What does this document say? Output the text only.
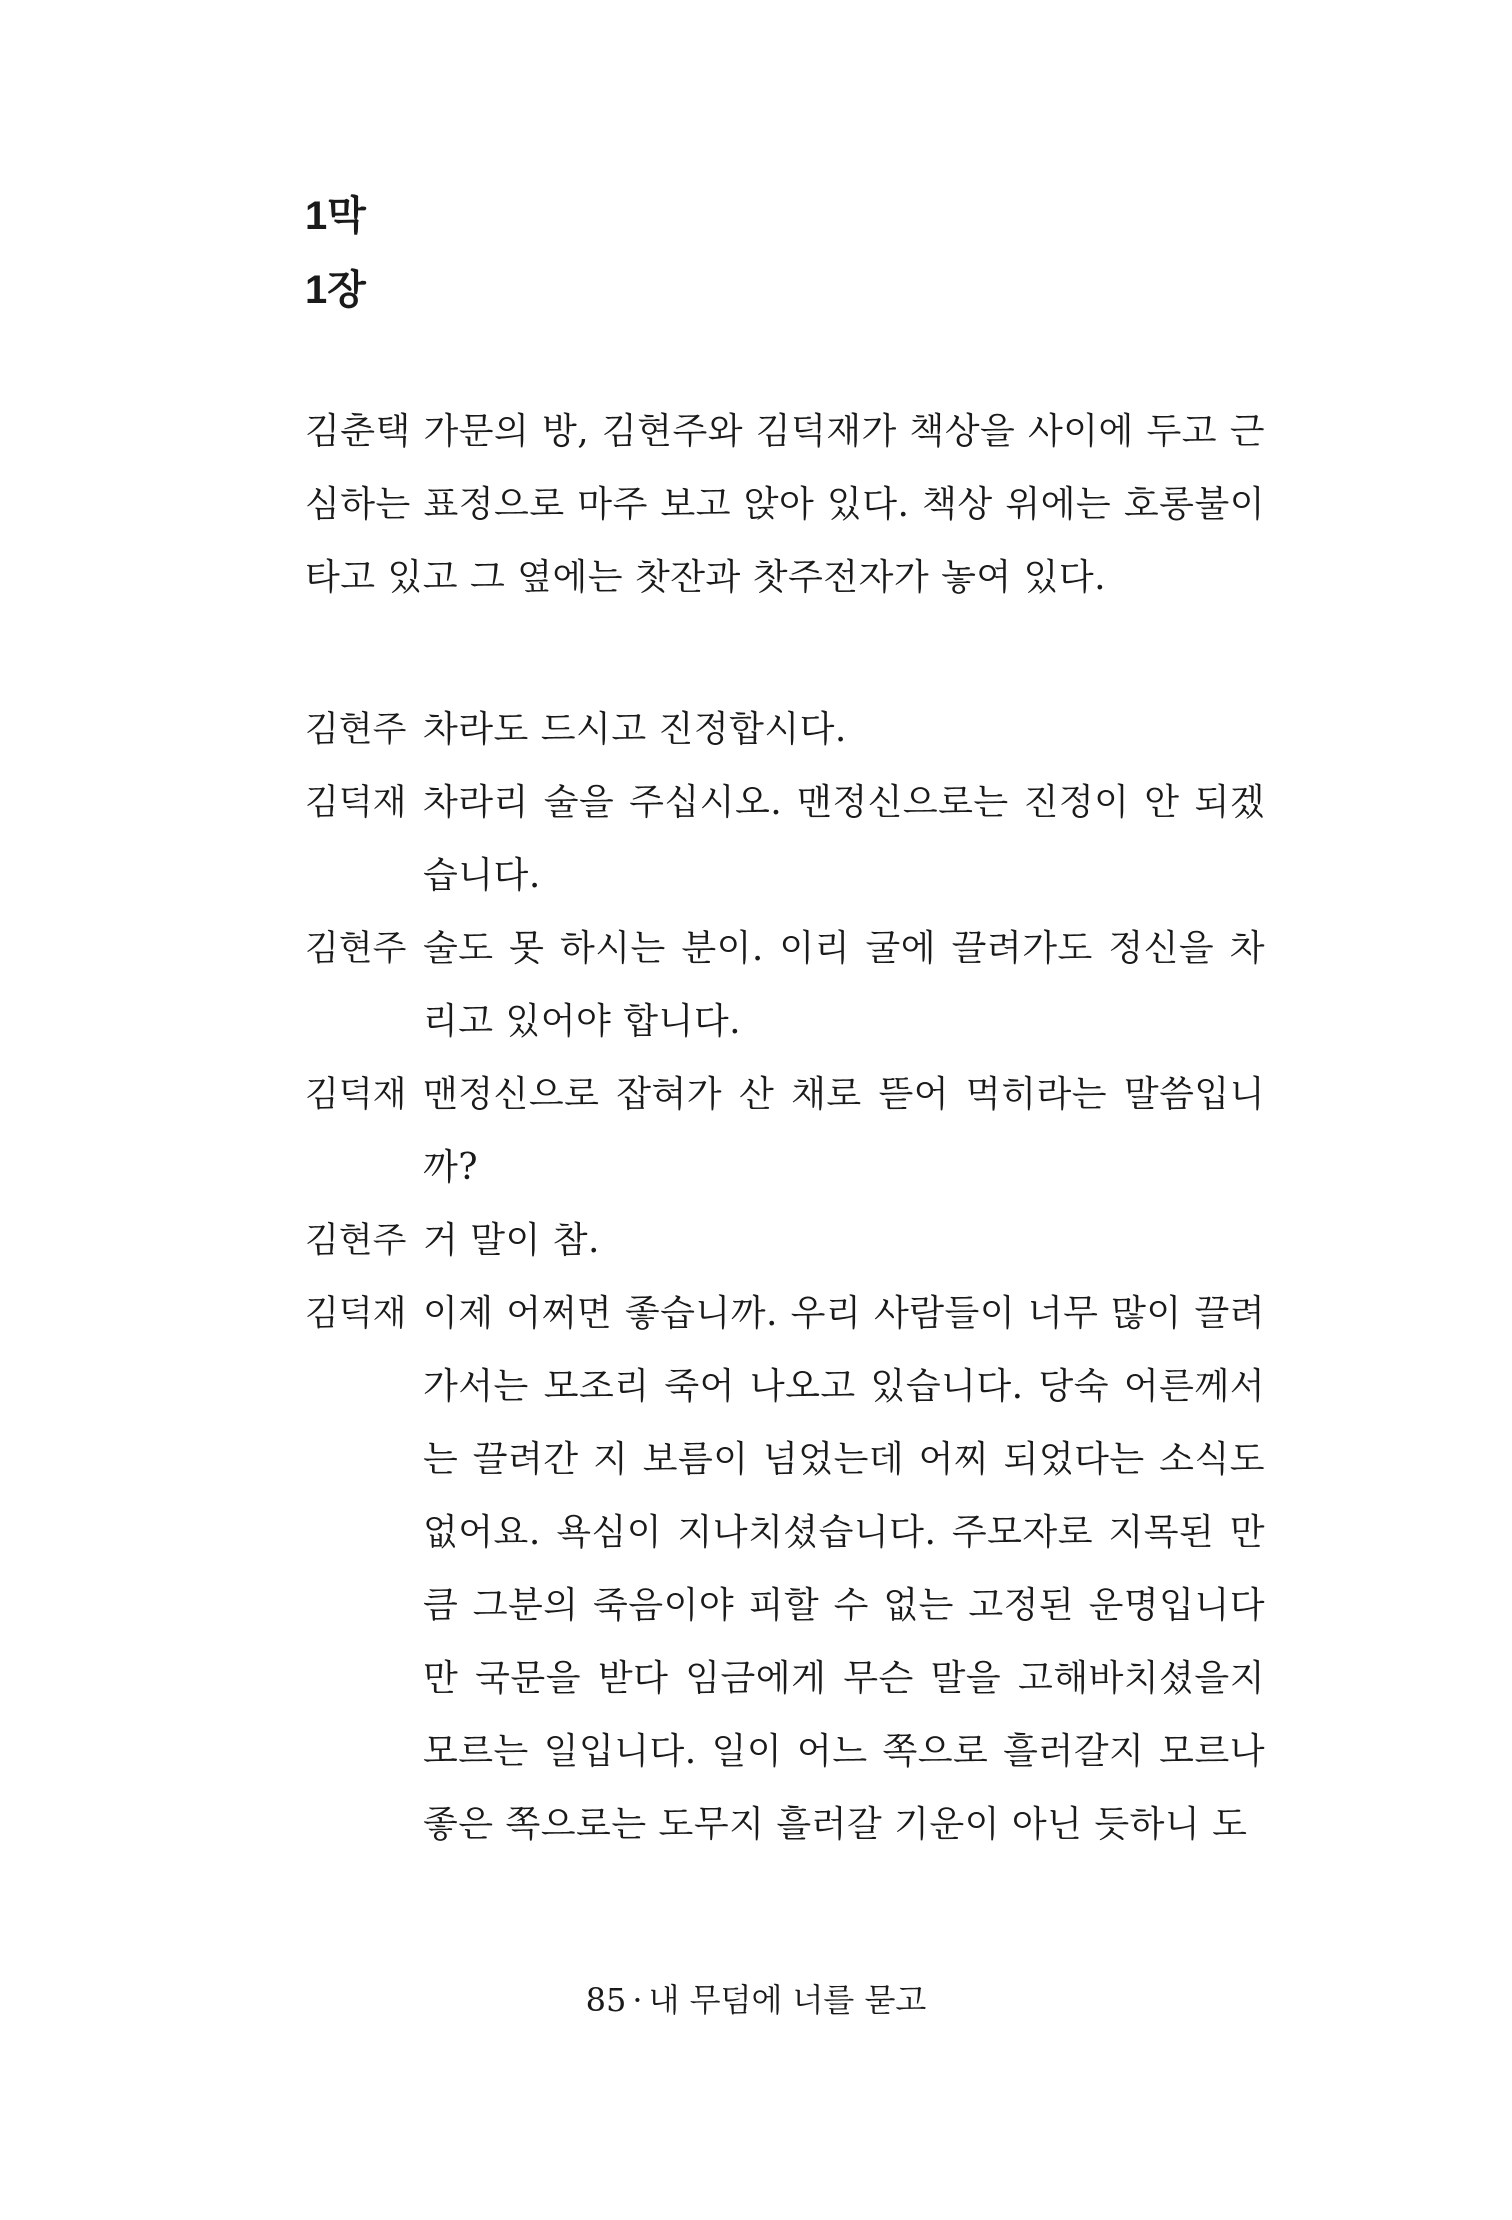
1막
1장

김춘택 가문의 방, 김현주와 김덕재가 책상을 사이에 두고 근심하는 표정으로 마주 보고 앉아 있다. 책상 위에는 호롱불이 타고 있고 그 옆에는 찻잔과 찻주전자가 놓여 있다.

김현주 차라도 드시고 진정합시다.

김덕재 차라리 술을 주십시오. 맨정신으로는 진정이 안 되겠습니다.

김현주 술도 못 하시는 분이. 이리 굴에 끌려가도 정신을 차리고 있어야 합니다.

김덕재 맨정신으로 잡혀가 산 채로 뜯어 먹히라는 말씀입니까?

김현주 거 말이 참.

김덕재 이제 어쩌면 좋습니까. 우리 사람들이 너무 많이 끌려가서는 모조리 죽어 나오고 있습니다. 당숙 어른께서는 끌려간 지 보름이 넘었는데 어찌 되었다는 소식도 없어요. 욕심이 지나치셨습니다. 주모자로 지목된 만큼 그분의 죽음이야 피할 수 없는 고정된 운명입니다만 국문을 받다 임금에게 무슨 말을 고해바치셨을지 모르는 일입니다. 일이 어느 쪽으로 흘러갈지 모르나 좋은 쪽으로는 도무지 흘러갈 기운이 아닌 듯하니 도

85 · 내 무덤에 너를 묻고
